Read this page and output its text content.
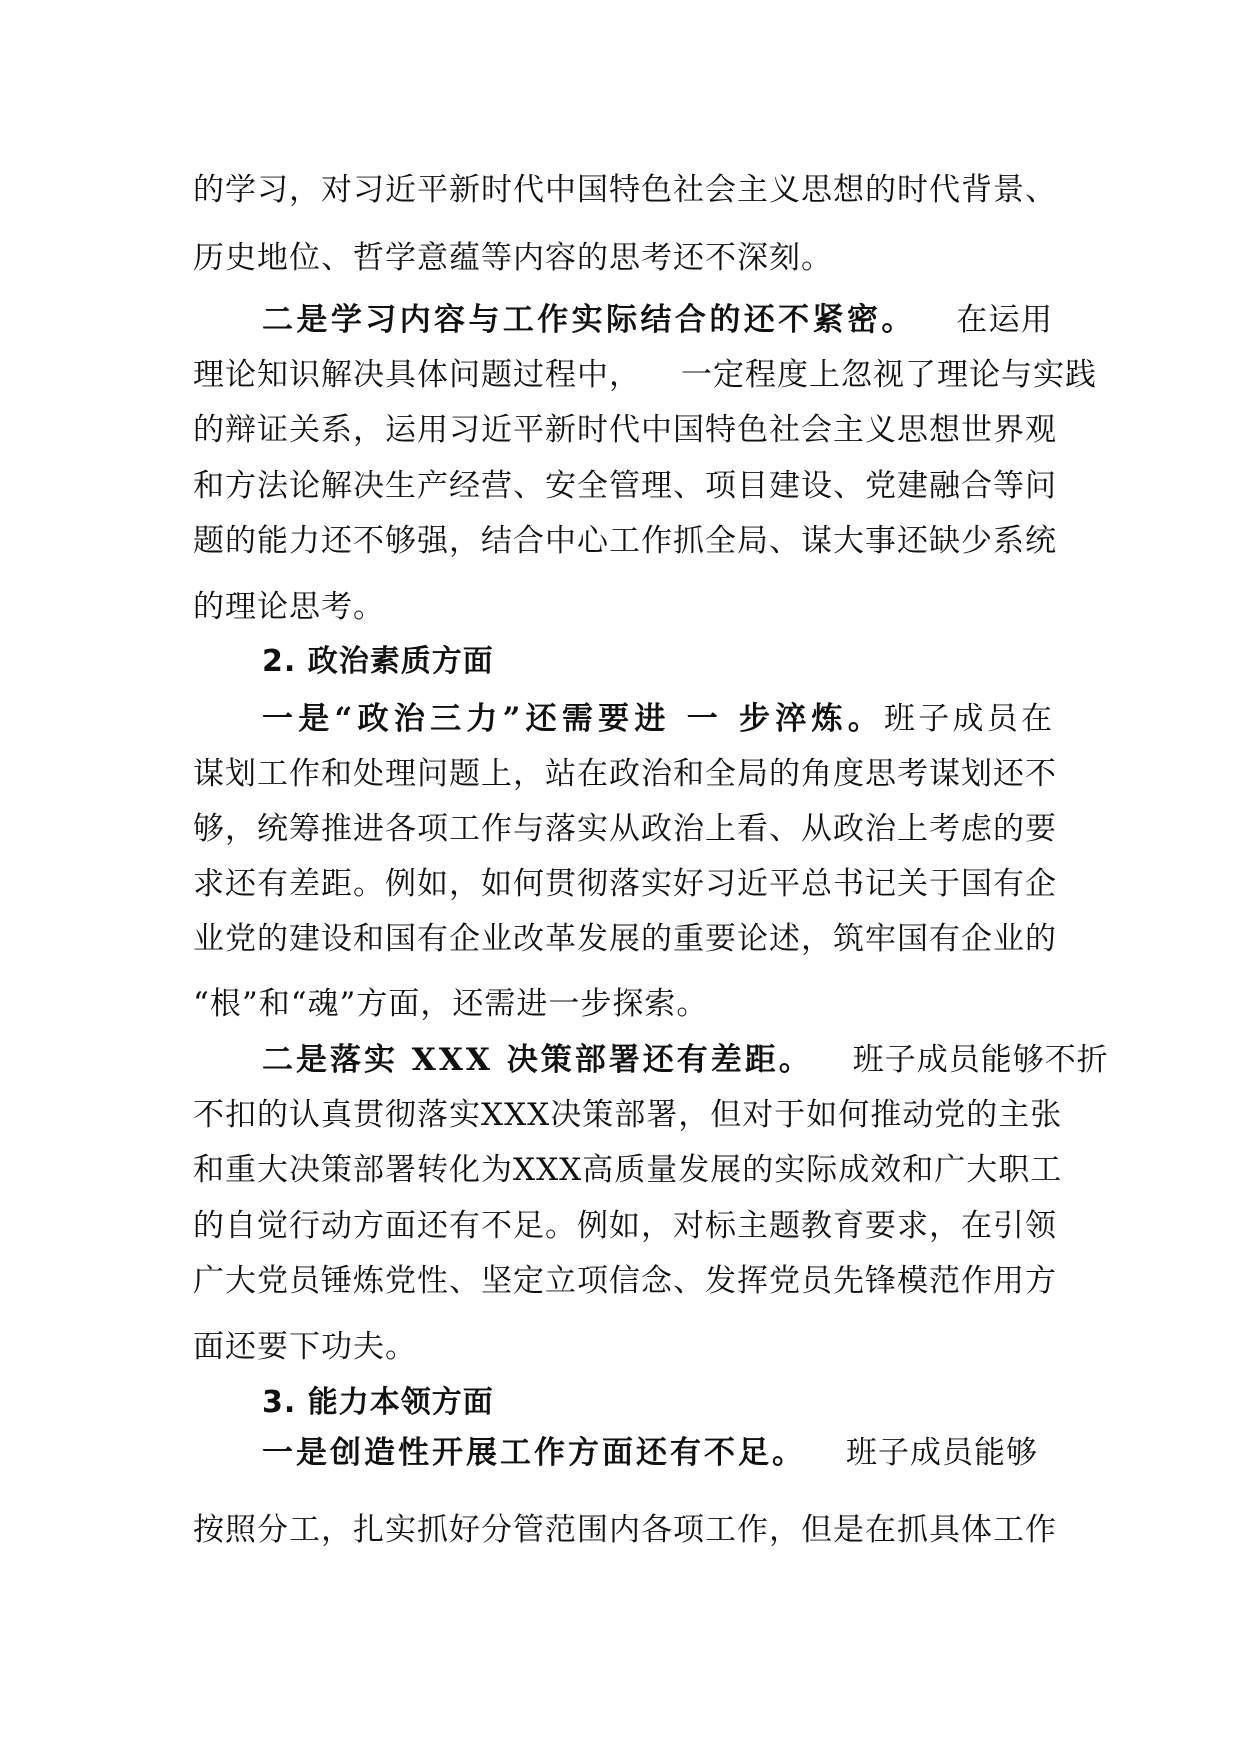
的学习，对习近平新时代中国特色社会主义思想的时代背景、
历史地位、哲学意蕴等内容的思考还不深刻。
二是学习内容与工作实际结合的还不紧密。 在运用
理论知识解决具体问题过程中， 一定程度上忽视了理论与实践
的辩证关系，运用习近平新时代中国特色社会主义思想世界观
和方法论解决生产经营、安全管理、项目建设、党建融合等问
题的能力还不够强，结合中心工作抓全局、谋大事还缺少系统
的理论思考。
2. 政治素质方面
一是“政治三力”还需要进 一 步淬炼。班子成员在
谋划工作和处理问题上，站在政治和全局的角度思考谋划还不
够，统筹推进各项工作与落实从政治上看、从政治上考虑的要
求还有差距。例如，如何贯彻落实好习近平总书记关于国有企
业党的建设和国有企业改革发展的重要论述，筑牢国有企业的
“根”和“魂”方面，还需进一步探索。
二是落实 XXX 决策部署还有差距。 班子成员能够不折
不扣的认真贯彻落实XXX决策部署，但对于如何推动党的主张
和重大决策部署转化为XXX高质量发展的实际成效和广大职工
的自觉行动方面还有不足。例如，对标主题教育要求，在引领
广大党员锤炼党性、坚定立项信念、发挥党员先锋模范作用方
面还要下功夫。
3. 能力本领方面
一是创造性开展工作方面还有不足。 班子成员能够
按照分工，扎实抓好分管范围内各项工作，但是在抓具体工作
